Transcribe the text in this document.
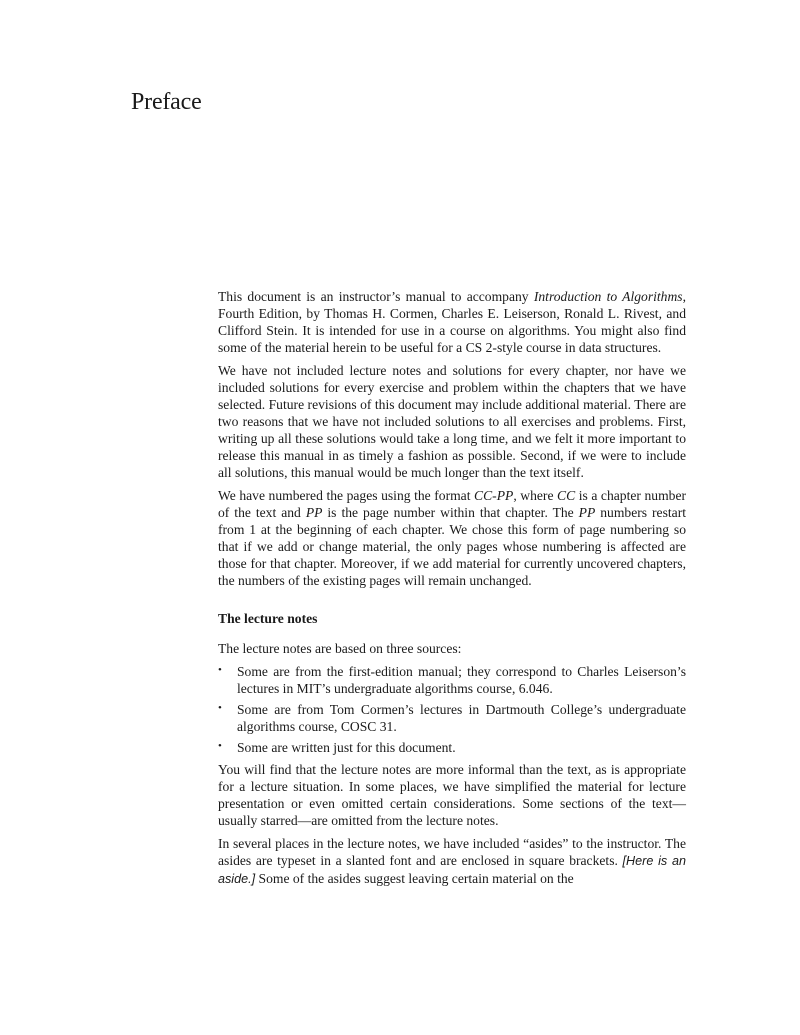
Preface

This document is an instructor’s manual to accompany Introduction to Algorithms, Fourth Edition, by Thomas H. Cormen, Charles E. Leiserson, Ronald L. Rivest, and Clifford Stein. It is intended for use in a course on algorithms. You might also find some of the material herein to be useful for a CS 2-style course in data structures.

We have not included lecture notes and solutions for every chapter, nor have we included solutions for every exercise and problem within the chapters that we have selected. Future revisions of this document may include additional material. There are two reasons that we have not included solutions to all exercises and problems. First, writing up all these solutions would take a long time, and we felt it more important to release this manual in as timely a fashion as possible. Second, if we were to include all solutions, this manual would be much longer than the text itself.

We have numbered the pages using the format CC-PP, where CC is a chapter number of the text and PP is the page number within that chapter. The PP numbers restart from 1 at the beginning of each chapter. We chose this form of page numbering so that if we add or change material, the only pages whose numbering is affected are those for that chapter. Moreover, if we add material for currently uncovered chapters, the numbers of the existing pages will remain unchanged.

The lecture notes

The lecture notes are based on three sources:

• Some are from the first-edition manual; they correspond to Charles Leiserson’s lectures in MIT’s undergraduate algorithms course, 6.046.
• Some are from Tom Cormen’s lectures in Dartmouth College’s undergraduate algorithms course, COSC 31.
• Some are written just for this document.

You will find that the lecture notes are more informal than the text, as is appropriate for a lecture situation. In some places, we have simplified the material for lecture presentation or even omitted certain considerations. Some sections of the text—usually starred—are omitted from the lecture notes.

In several places in the lecture notes, we have included “asides” to the instructor. The asides are typeset in a slanted font and are enclosed in square brackets. [Here is an aside.] Some of the asides suggest leaving certain material on the
